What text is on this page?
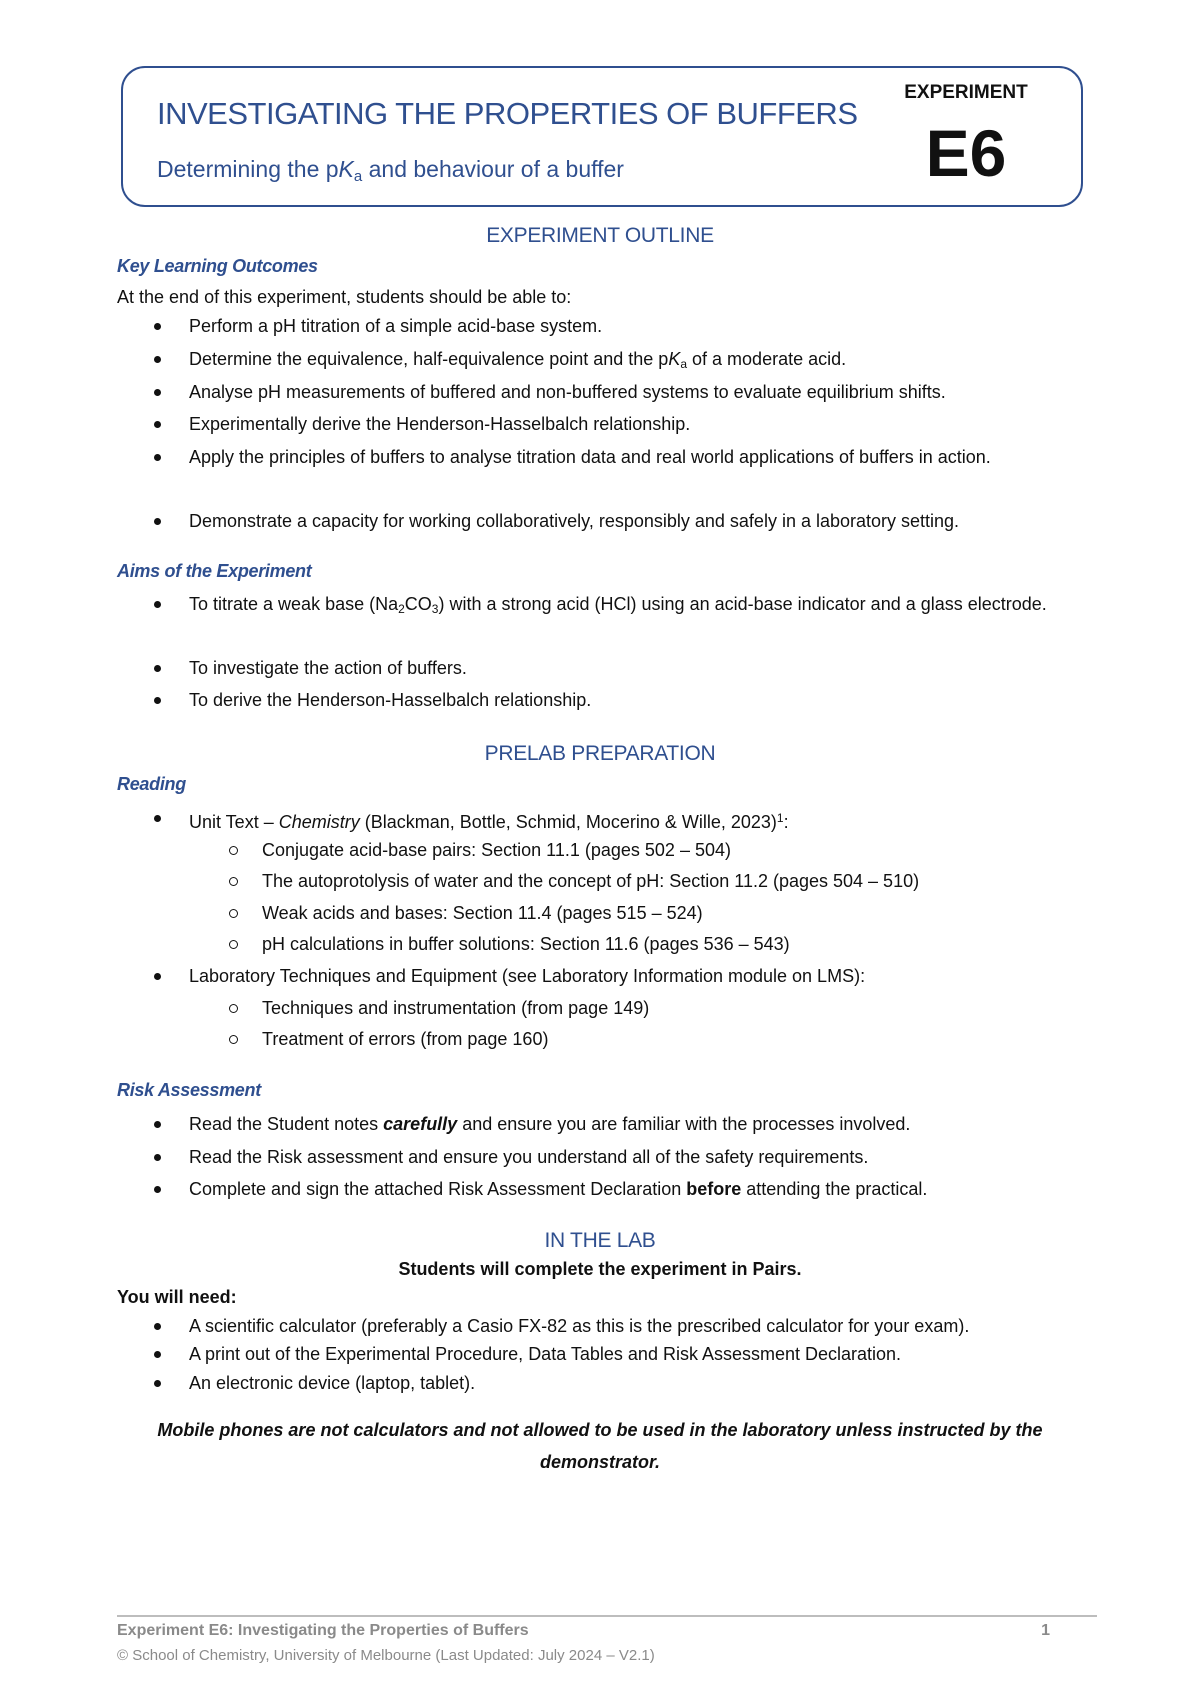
INVESTIGATING THE PROPERTIES OF BUFFERS
Determining the $pK_a$ and behaviour of a buffer
EXPERIMENT
E6
EXPERIMENT OUTLINE
Key Learning Outcomes
At the end of this experiment, students should be able to:
Perform a pH titration of a simple acid-base system.
Determine the equivalence, half-equivalence point and the $pK_a$ of a moderate acid.
Analyse pH measurements of buffered and non-buffered systems to evaluate equilibrium shifts.
Experimentally derive the Henderson-Hasselbalch relationship.
Apply the principles of buffers to analyse titration data and real world applications of buffers in action.
Demonstrate a capacity for working collaboratively, responsibly and safely in a laboratory setting.
Aims of the Experiment
To titrate a weak base $(Na_2CO_3)$ with a strong acid (HCl) using an acid-base indicator and a glass electrode.
To investigate the action of buffers.
To derive the Henderson-Hasselbalch relationship.
PRELAB PREPARATION
Reading
Unit Text – Chemistry (Blackman, Bottle, Schmid, Mocerino & Wille, 2023)$^1$:
Conjugate acid-base pairs: Section 11.1 (pages 502 – 504)
The autoprotolysis of water and the concept of pH: Section 11.2 (pages 504 – 510)
Weak acids and bases: Section 11.4 (pages 515 – 524)
pH calculations in buffer solutions: Section 11.6 (pages 536 – 543)
Laboratory Techniques and Equipment (see Laboratory Information module on LMS):
Techniques and instrumentation (from page 149)
Treatment of errors (from page 160)
Risk Assessment
Read the Student notes carefully and ensure you are familiar with the processes involved.
Read the Risk assessment and ensure you understand all of the safety requirements.
Complete and sign the attached Risk Assessment Declaration before attending the practical.
IN THE LAB
Students will complete the experiment in Pairs.
You will need:
A scientific calculator (preferably a Casio FX-82 as this is the prescribed calculator for your exam).
A print out of the Experimental Procedure, Data Tables and Risk Assessment Declaration.
An electronic device (laptop, tablet).
Mobile phones are not calculators and not allowed to be used in the laboratory unless instructed by the demonstrator.
Experiment E6: Investigating the Properties of Buffers	1
© School of Chemistry, University of Melbourne (Last Updated: July 2024 – V2.1)
